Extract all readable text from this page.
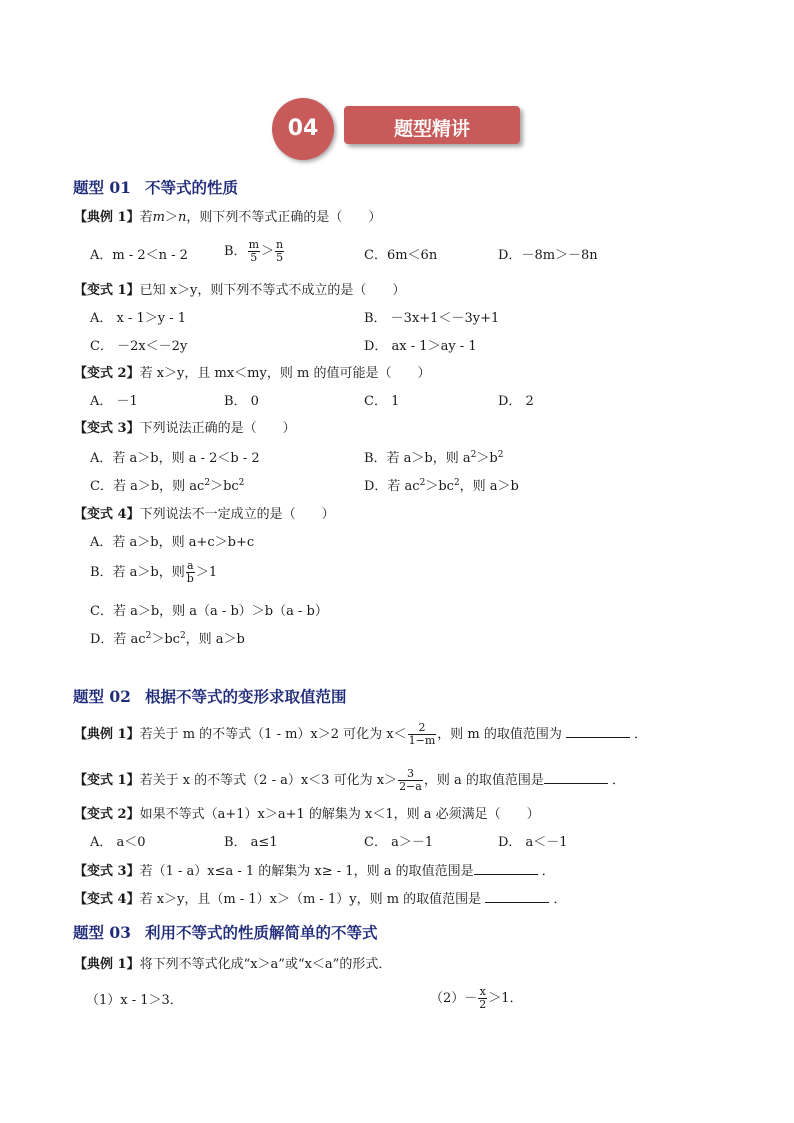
04	题型精讲
题型 01 不等式的性质
【典例 1】若m＞n，则下列不等式正确的是（　　）
A．m - 2＜n - 2	B． $\frac{m}{5} > \frac{n}{5}$	C．6m＜6n	D．－8m＞－8n
【变式 1】已知 x＞y，则下列不等式不成立的是（　　）
A． x - 1＞y - 1	B． －3x+1＜－3y+1
C． －2x＜－2y	D． ax - 1＞ay - 1
【变式 2】若 x＞y，且 mx＜my，则 m 的值可能是（　　）
A． －1	B． 0	C． 1	D． 2
【变式 3】下列说法正确的是（　　）
A．若 a＞b，则 a - 2＜b - 2	B．若 a＞b，则 $a^2>b^2$
C．若 a＞b，则 $ac^2>bc^2$	D．若 $ac^2>bc^2$，则 a＞b
【变式 4】下列说法不一定成立的是（　　）
A．若 a＞b，则 a+c＞b+c
B．若 a＞b，则 $\frac{a}{b} >1$
C．若 a＞b，则 a（a - b）＞b（a - b）
D．若 $ac^2>bc^2$，则 a＞b
题型 02 根据不等式的变形求取值范围
【典例 1】若关于 m 的不等式（1 - m）x＞2 可化为 $x< \frac{2}{1-m}$ ，则 m 的取值范围为	．
【变式 1】若关于 x 的不等式（2 - a）x＜3 可化为 $x> \frac{3}{2-a}$ ，则 a 的取值范围是	．
【变式 2】如果不等式（a+1）x＞a+1 的解集为 x＜1，则 a 必须满足（　　）
A． a＜0	B． a≤1	C． a＞－1	D． a＜－1
【变式 3】若（1 - a）x≤a - 1 的解集为 x≥ - 1，则 a 的取值范围是	．
【变式 4】若 x＞y，且（m - 1）x＞（m - 1）y，则 m 的取值范围是	．
题型 03 利用不等式的性质解简单的不等式
【典例 1】将下列不等式化成“x＞a”或“x＜a”的形式．
（1）x - 1＞3．	$(2)- \frac{x}{2} >1$．
